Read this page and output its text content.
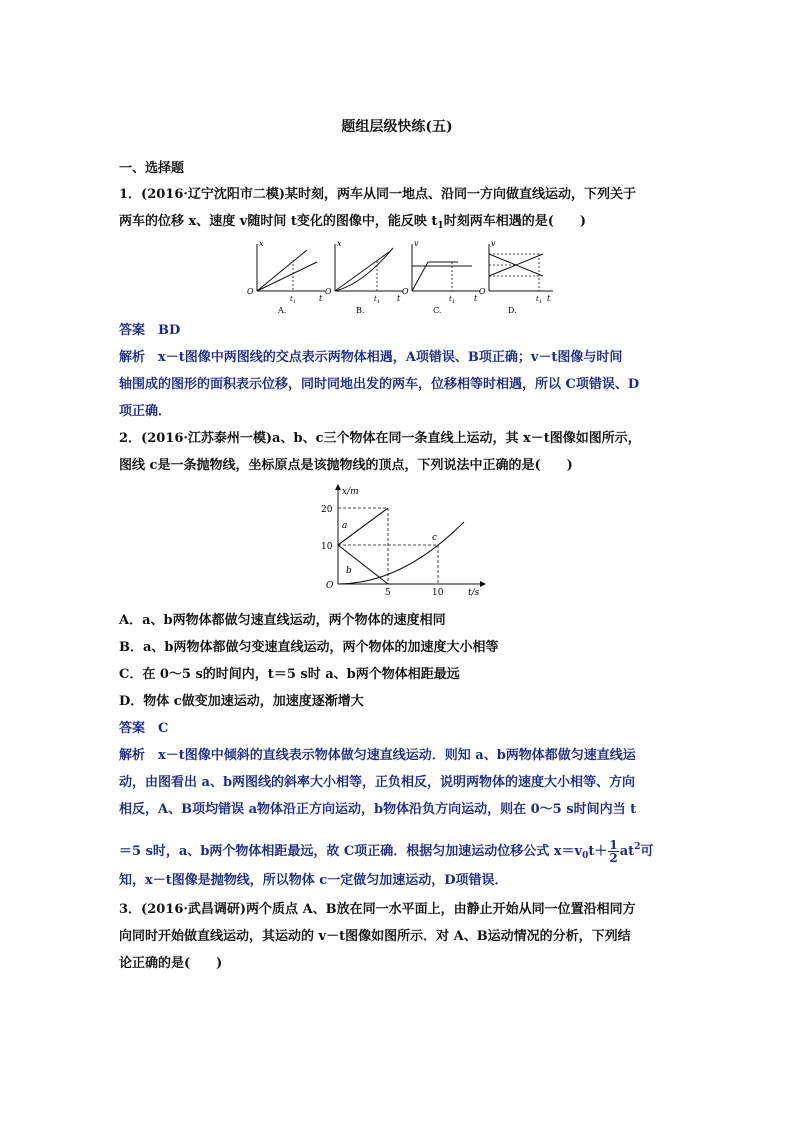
题组层级快练(五)
一、选择题
1．(2016·辽宁沈阳市二模)某时刻，两车从同一地点、沿同一方向做直线运动，下列关于
两车的位移 x、速度 v随时间 t变化的图像中，能反映 $t_1$时刻两车相遇的是(　　)
x
O
t
$t_1$
A.
x
O
t
$t_1$
B.
v
O
t
$t_1$
C.
v
O
t
$t_1$
D.
答案　BD
解析　x－t图像中两图线的交点表示两物体相遇，A项错误、B项正确；v－t图像与时间
轴围成的图形的面积表示位移，同时同地出发的两车，位移相等时相遇，所以 C项错误、D
项正确．
2．(2016·江苏泰州一模)a、b、c三个物体在同一条直线上运动，其 x－t图像如图所示，
图线 c是一条抛物线，坐标原点是该抛物线的顶点，下列说法中正确的是(　　)
x/m
t/s
O
20
10
5	10
a
b
c
A．a、b两物体都做匀速直线运动，两个物体的速度相同
B．a、b两物体都做匀变速直线运动，两个物体的加速度大小相等
C．在 0～5 s的时间内，t＝5 s时 a、b两个物体相距最远
D．物体 c做变加速运动，加速度逐渐增大
答案　C
解析　x－t图像中倾斜的直线表示物体做匀速直线运动．则知 a、b两物体都做匀速直线运
动，由图看出 a、b两图线的斜率大小相等，正负相反，说明两物体的速度大小相等、方向
相反，A、B项均错误 a物体沿正方向运动，b物体沿负方向运动，则在 0～5 s时间内当 t
＝5 s时，a、b两个物体相距最远，故 C项正确．根据匀加速运动位移公式 $x=v_0t+ \frac{1}{2} at^2$可
知，x－t图像是抛物线，所以物体 c一定做匀加速运动，D项错误．
3．(2016·武昌调研)两个质点 A、B放在同一水平面上，由静止开始从同一位置沿相同方
向同时开始做直线运动，其运动的 v－t图像如图所示．对 A、B运动情况的分析，下列结
论正确的是(　　)
